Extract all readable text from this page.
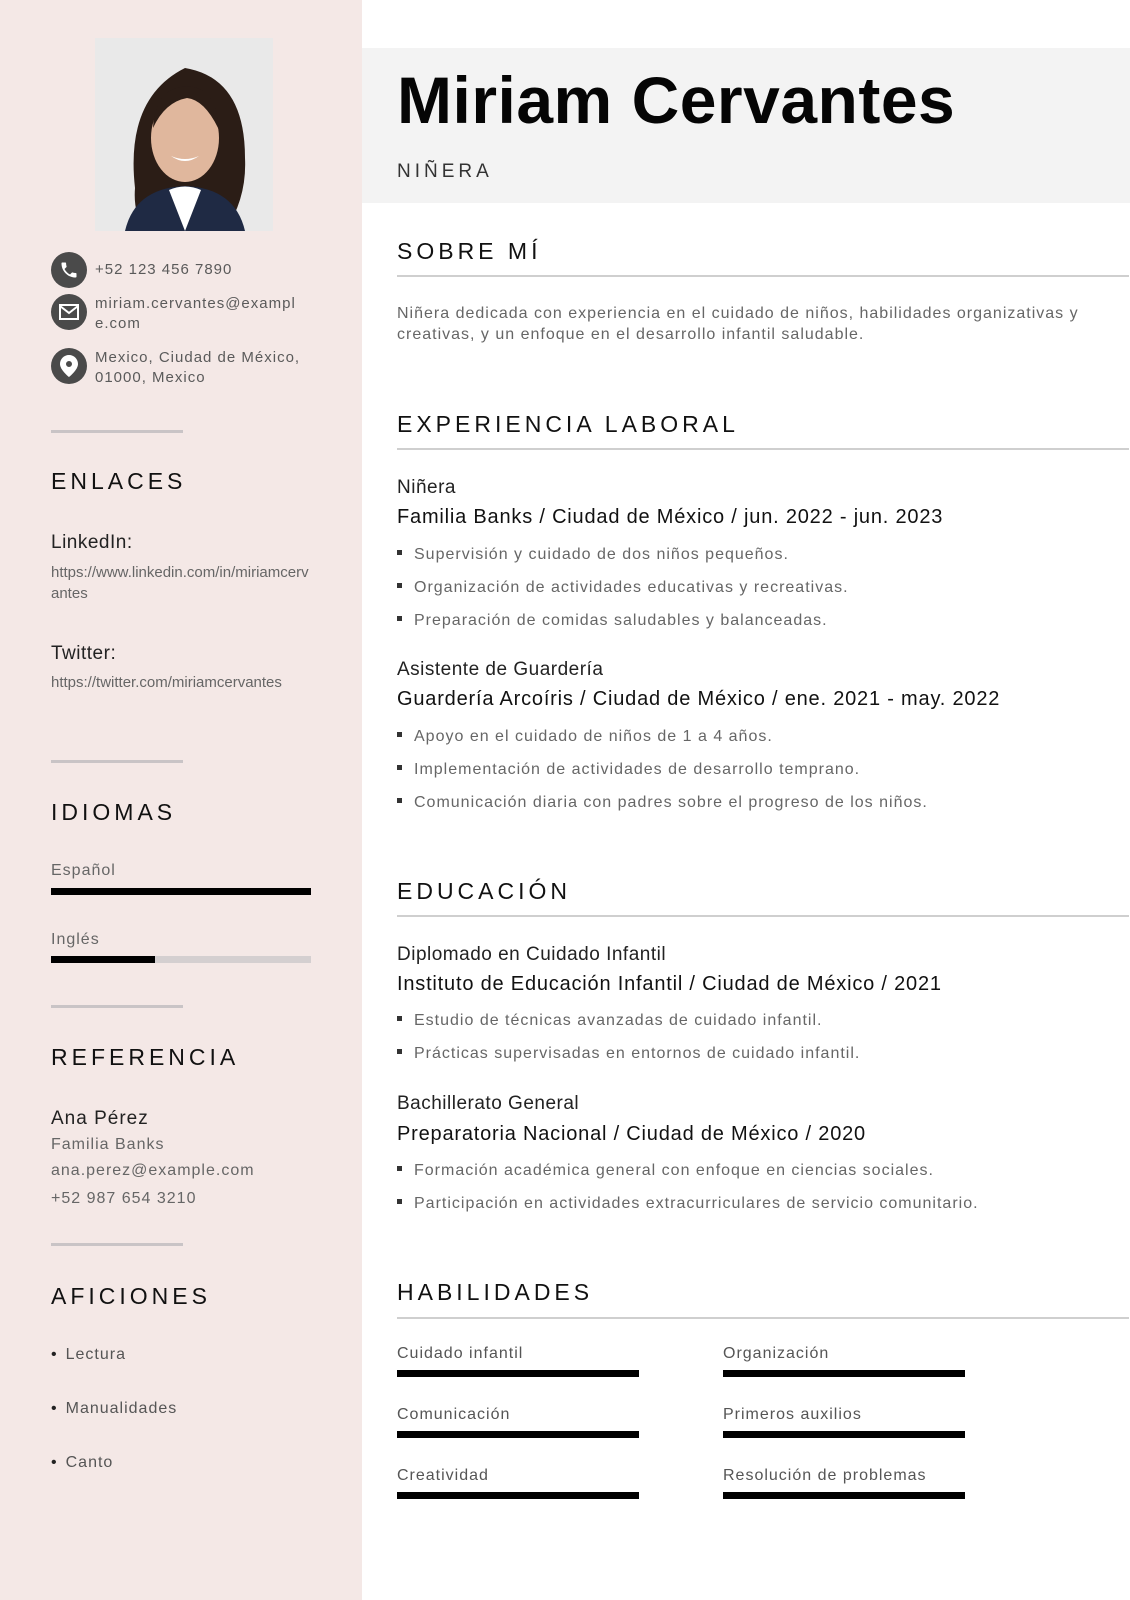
+52 123 456 7890
miriam.cervantes@example.com
Mexico, Ciudad de México, 01000, Mexico
ENLACES
LinkedIn:
https://www.linkedin.com/in/miriamcervantes
Twitter:
https://twitter.com/miriamcervantes
IDIOMAS
Español
Inglés
REFERENCIA
Ana Pérez
Familia Banks
ana.perez@example.com
+52 987 654 3210
AFICIONES
• Lectura
• Manualidades
• Canto
Miriam Cervantes
NIÑERA
SOBRE MÍ
Niñera dedicada con experiencia en el cuidado de niños, habilidades organizativas y creativas, y un enfoque en el desarrollo infantil saludable.
EXPERIENCIA LABORAL
Niñera
Familia Banks / Ciudad de México / jun. 2022 - jun. 2023
Supervisión y cuidado de dos niños pequeños.
Organización de actividades educativas y recreativas.
Preparación de comidas saludables y balanceadas.
Asistente de Guardería
Guardería Arcoíris / Ciudad de México / ene. 2021 - may. 2022
Apoyo en el cuidado de niños de 1 a 4 años.
Implementación de actividades de desarrollo temprano.
Comunicación diaria con padres sobre el progreso de los niños.
EDUCACIÓN
Diplomado en Cuidado Infantil
Instituto de Educación Infantil / Ciudad de México / 2021
Estudio de técnicas avanzadas de cuidado infantil.
Prácticas supervisadas en entornos de cuidado infantil.
Bachillerato General
Preparatoria Nacional / Ciudad de México / 2020
Formación académica general con enfoque en ciencias sociales.
Participación en actividades extracurriculares de servicio comunitario.
HABILIDADES
Cuidado infantil	Organización
Comunicación	Primeros auxilios
Creatividad	Resolución de problemas
